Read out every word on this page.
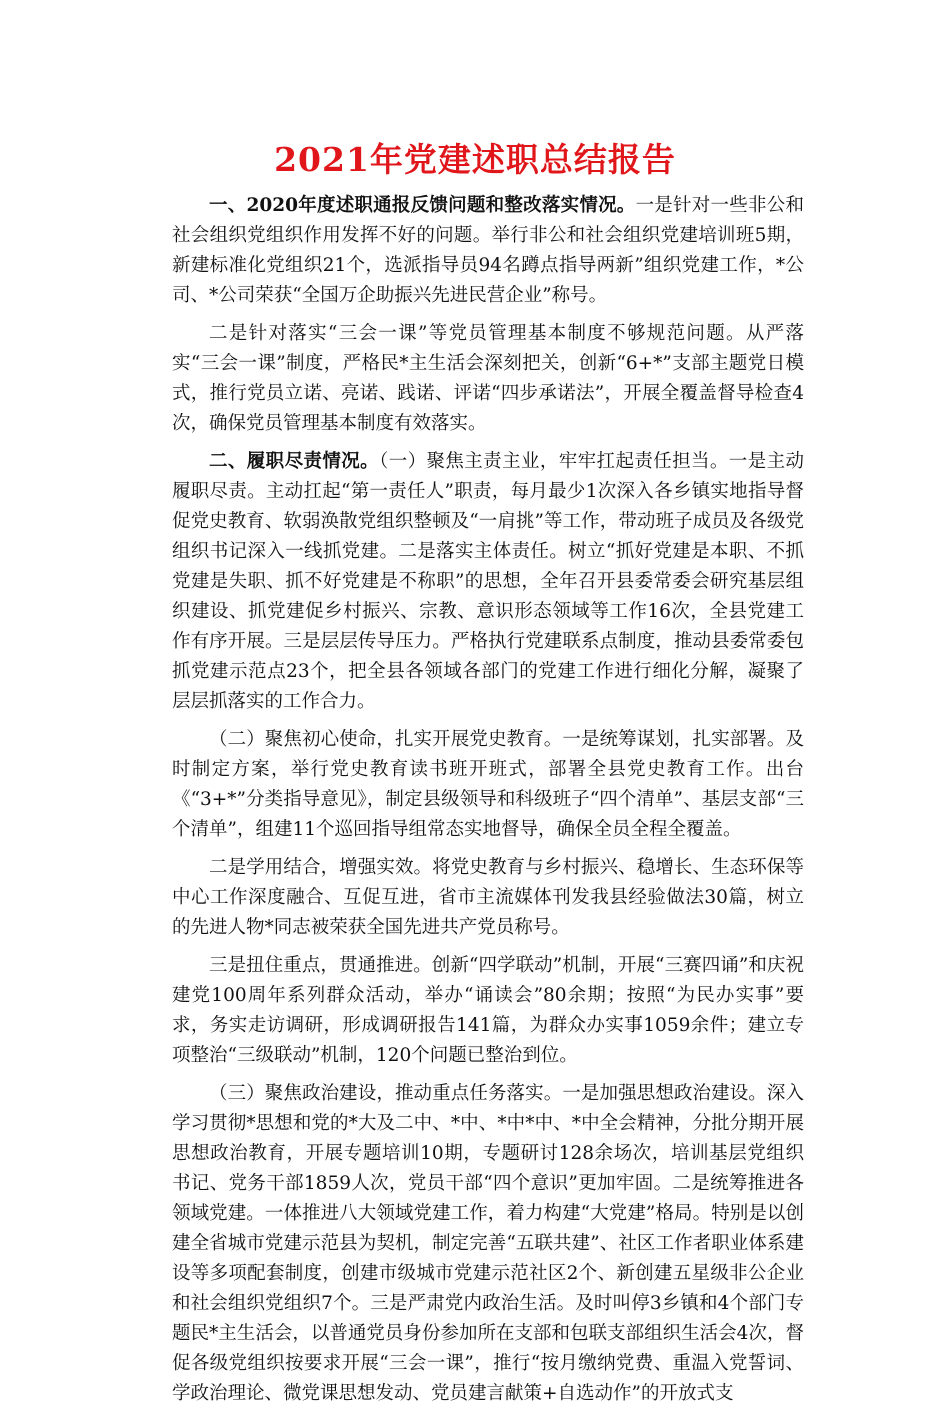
2021年党建述职总结报告

一、2020年度述职通报反馈问题和整改落实情况。一是针对一些非公和社会组织党组织作用发挥不好的问题。举行非公和社会组织党建培训班5期，新建标准化党组织21个，选派指导员94名蹲点指导两新”组织党建工作，*公司、*公司荣获“全国万企助振兴先进民营企业”称号。

二是针对落实“三会一课”等党员管理基本制度不够规范问题。从严落实“三会一课”制度，严格民*主生活会深刻把关，创新“6+*”支部主题党日模式，推行党员立诺、亮诺、践诺、评诺“四步承诺法”，开展全覆盖督导检查4次，确保党员管理基本制度有效落实。

二、履职尽责情况。（一）聚焦主责主业，牢牢扛起责任担当。一是主动履职尽责。主动扛起“第一责任人”职责，每月最少1次深入各乡镇实地指导督促党史教育、软弱涣散党组织整顿及“一肩挑”等工作，带动班子成员及各级党组织书记深入一线抓党建。二是落实主体责任。树立“抓好党建是本职、不抓党建是失职、抓不好党建是不称职”的思想，全年召开县委常委会研究基层组织建设、抓党建促乡村振兴、宗教、意识形态领域等工作16次，全县党建工作有序开展。三是层层传导压力。严格执行党建联系点制度，推动县委常委包抓党建示范点23个，把全县各领域各部门的党建工作进行细化分解，凝聚了层层抓落实的工作合力。

（二）聚焦初心使命，扎实开展党史教育。一是统筹谋划，扎实部署。及时制定方案，举行党史教育读书班开班式，部署全县党史教育工作。出台《“3+*”分类指导意见》，制定县级领导和科级班子“四个清单”、基层支部“三个清单”，组建11个巡回指导组常态实地督导，确保全员全程全覆盖。

二是学用结合，增强实效。将党史教育与乡村振兴、稳增长、生态环保等中心工作深度融合、互促互进，省市主流媒体刊发我县经验做法30篇，树立的先进人物*同志被荣获全国先进共产党员称号。

三是扭住重点，贯通推进。创新“四学联动”机制，开展“三赛四诵”和庆祝建党100周年系列群众活动，举办“诵读会”80余期；按照“为民办实事”要求，务实走访调研，形成调研报告141篇，为群众办实事1059余件；建立专项整治“三级联动”机制，120个问题已整治到位。

（三）聚焦政治建设，推动重点任务落实。一是加强思想政治建设。深入学习贯彻*思想和党的*大及二中、*中、*中*中、*中全会精神，分批分期开展思想政治教育，开展专题培训10期，专题研讨128余场次，培训基层党组织书记、党务干部1859人次，党员干部“四个意识”更加牢固。二是统筹推进各领域党建。一体推进八大领域党建工作，着力构建“大党建”格局。特别是以创建全省城市党建示范县为契机，制定完善“五联共建”、社区工作者职业体系建设等多项配套制度，创建市级城市党建示范社区2个、新创建五星级非公企业和社会组织党组织7个。三是严肃党内政治生活。及时叫停3乡镇和4个部门专题民*主生活会，以普通党员身份参加所在支部和包联支部组织生活会4次，督促各级党组织按要求开展“三会一课”，推行“按月缴纳党费、重温入党誓词、学政治理论、微党课思想发动、党员建言献策+自选动作”的开放式支
